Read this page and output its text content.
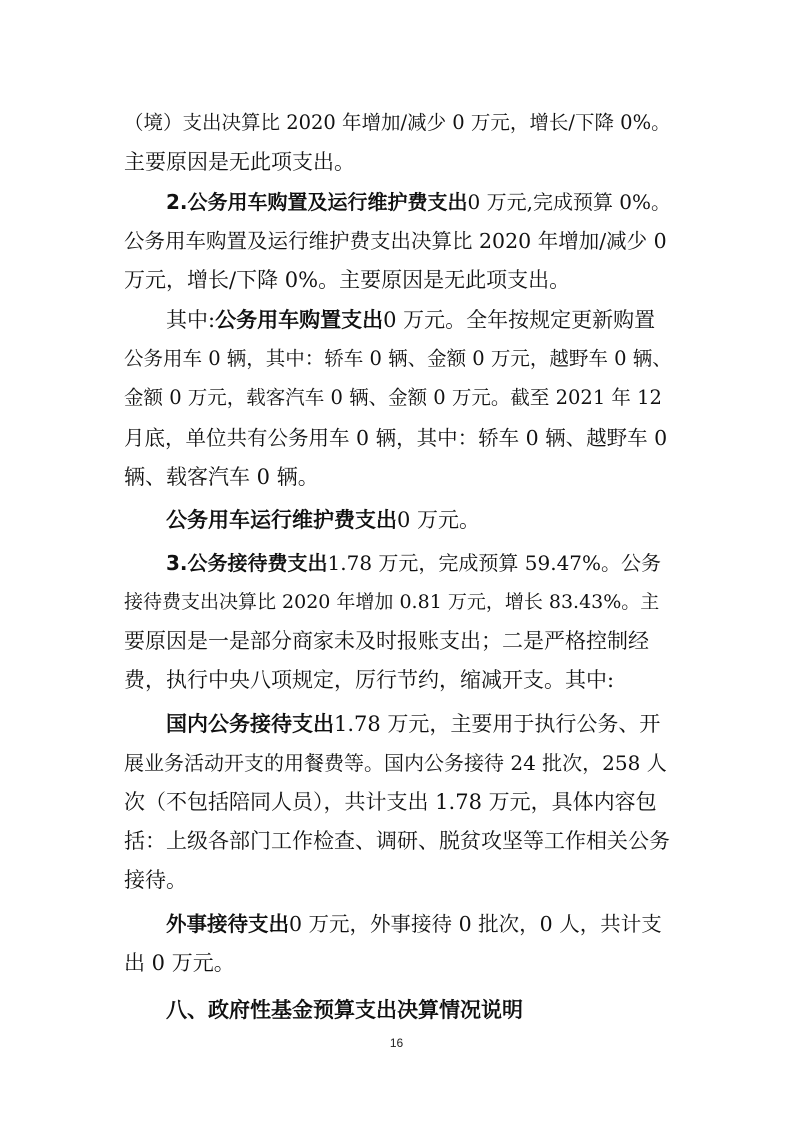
（境）支出决算比 2020 年增加/减少 0 万元，增长/下降 0%。
主要原因是无此项支出。
2.公务用车购置及运行维护费支出0 万元,完成预算 0%。
公务用车购置及运行维护费支出决算比 2020 年增加/减少 0
万元，增长/下降 0%。主要原因是无此项支出。
其中:公务用车购置支出0 万元。全年按规定更新购置
公务用车 0 辆，其中：轿车 0 辆、金额 0 万元，越野车 0 辆、
金额 0 万元，载客汽车 0 辆、金额 0 万元。截至 2021 年 12
月底，单位共有公务用车 0 辆，其中：轿车 0 辆、越野车 0
辆、载客汽车 0 辆。
公务用车运行维护费支出0 万元。
3.公务接待费支出1.78 万元，完成预算 59.47%。公务
接待费支出决算比 2020 年增加 0.81 万元，增长 83.43%。主
要原因是一是部分商家未及时报账支出；二是严格控制经
费，执行中央八项规定，厉行节约，缩减开支。其中:
国内公务接待支出1.78 万元，主要用于执行公务、开
展业务活动开支的用餐费等。国内公务接待 24 批次，258 人
次（不包括陪同人员），共计支出 1.78 万元，具体内容包
括：上级各部门工作检查、调研、脱贫攻坚等工作相关公务
接待。
外事接待支出0 万元，外事接待 0 批次，0 人，共计支
出 0 万元。
八、政府性基金预算支出决算情况说明
16
